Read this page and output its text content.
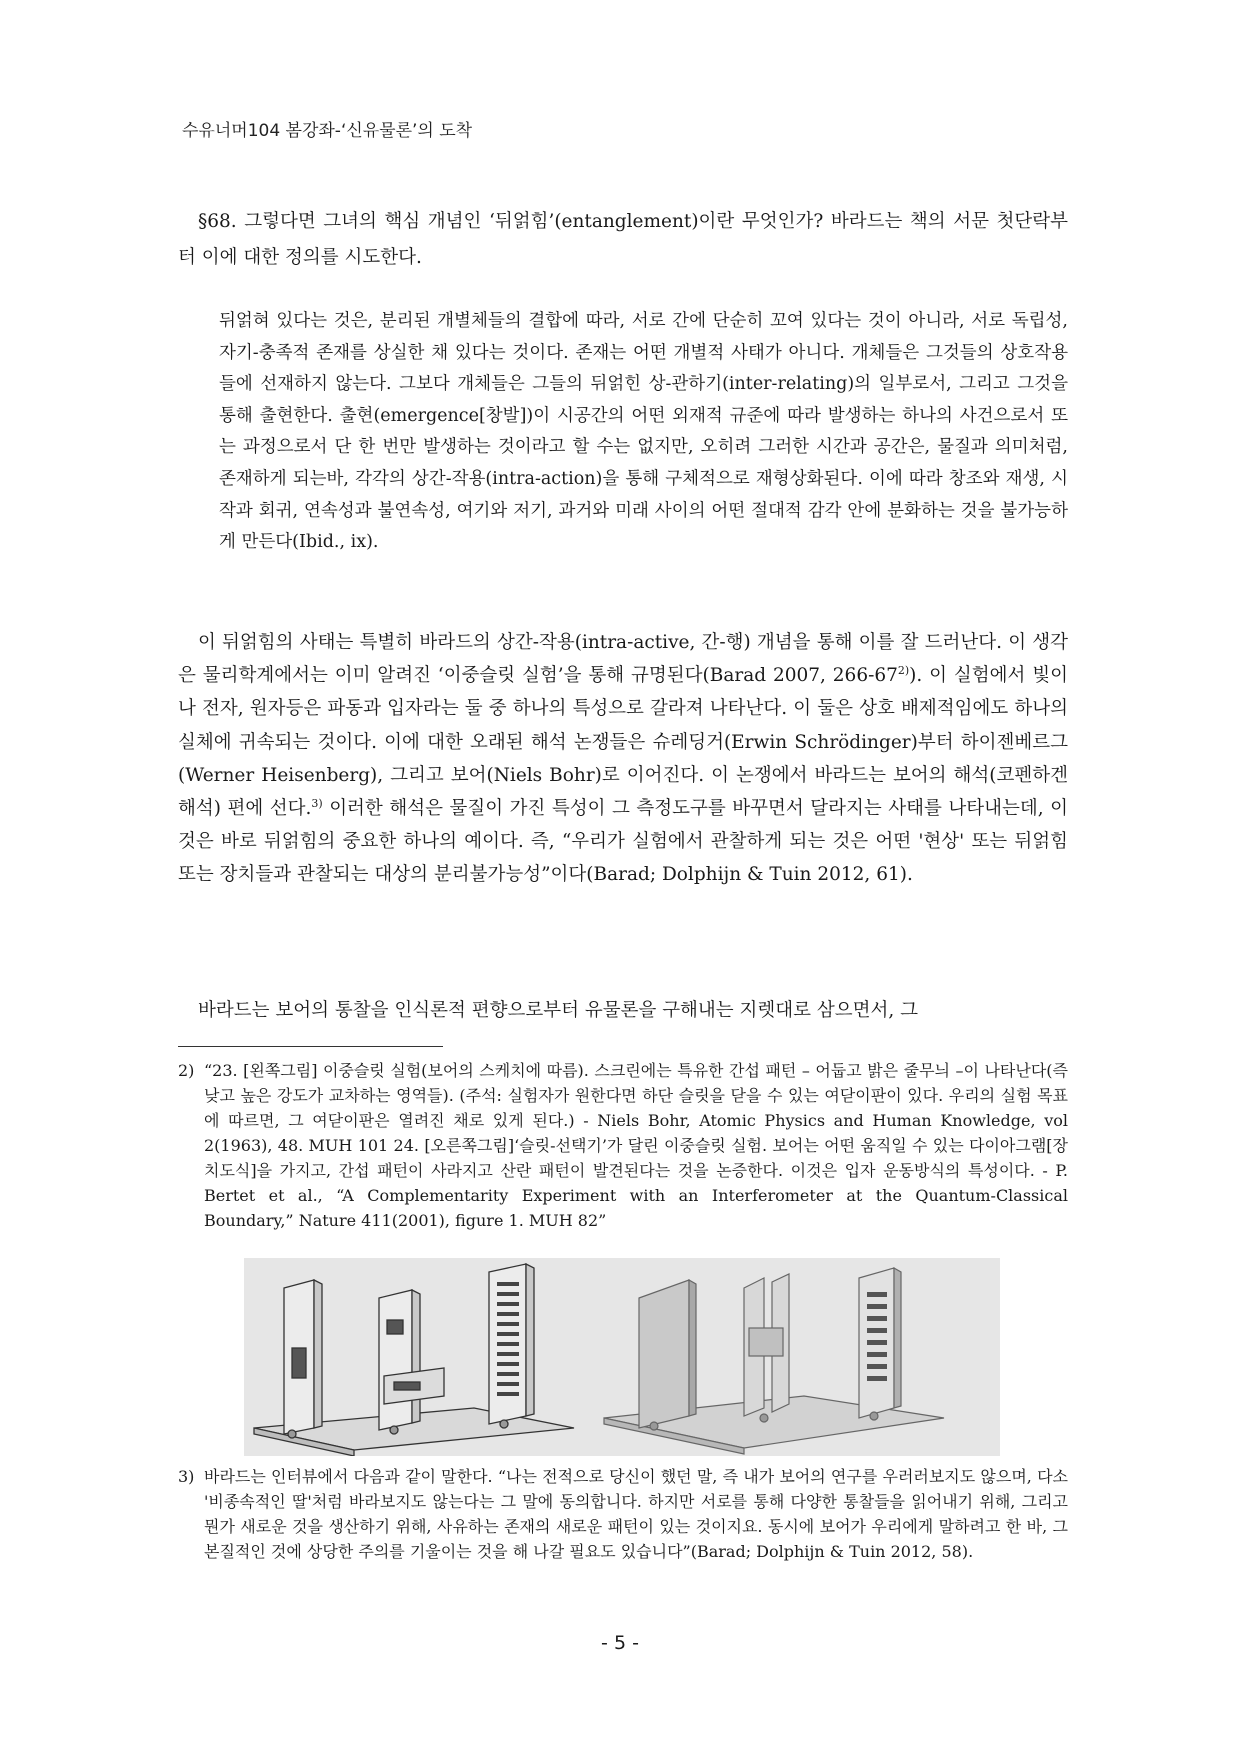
수유너머104 봄강좌-‘신유물론’의 도착

§68. 그렇다면 그녀의 핵심 개념인 ‘뒤얽힘’(entanglement)이란 무엇인가? 바라드는 책의 서문 첫단락부터 이에 대한 정의를 시도한다.

뒤얽혀 있다는 것은, 분리된 개별체들의 결합에 따라, 서로 간에 단순히 꼬여 있다는 것이 아니라, 서로 독립성, 자기-충족적 존재를 상실한 채 있다는 것이다. 존재는 어떤 개별적 사태가 아니다. 개체들은 그것들의 상호작용들에 선재하지 않는다. 그보다 개체들은 그들의 뒤얽힌 상-관하기(inter-relating)의 일부로서, 그리고 그것을 통해 출현한다. 출현(emergence[창발])이 시공간의 어떤 외재적 규준에 따라 발생하는 하나의 사건으로서 또는 과정으로서 단 한 번만 발생하는 것이라고 할 수는 없지만, 오히려 그러한 시간과 공간은, 물질과 의미처럼, 존재하게 되는바, 각각의 상간-작용(intra-action)을 통해 구체적으로 재형상화된다. 이에 따라 창조와 재생, 시작과 회귀, 연속성과 불연속성, 여기와 저기, 과거와 미래 사이의 어떤 절대적 감각 안에 분화하는 것을 불가능하게 만든다(Ibid., ix).

이 뒤얽힘의 사태는 특별히 바라드의 상간-작용(intra-active, 간-행) 개념을 통해 이를 잘 드러난다. 이 생각은 물리학계에서는 이미 알려진 ‘이중슬릿 실험’을 통해 규명된다(Barad 2007, 266-67$^{2)}$). 이 실험에서 빛이나 전자, 원자등은 파동과 입자라는 둘 중 하나의 특성으로 갈라져 나타난다. 이 둘은 상호 배제적임에도 하나의 실체에 귀속되는 것이다. 이에 대한 오래된 해석 논쟁들은 슈레딩거(Erwin Schrödinger)부터 하이젠베르그(Werner Heisenberg), 그리고 보어(Niels Bohr)로 이어진다. 이 논쟁에서 바라드는 보어의 해석(코펜하겐 해석) 편에 선다.$^{3)}$ 이러한 해석은 물질이 가진 특성이 그 측정도구를 바꾸면서 달라지는 사태를 나타내는데, 이것은 바로 뒤얽힘의 중요한 하나의 예이다. 즉, “우리가 실험에서 관찰하게 되는 것은 어떤 '현상' 또는 뒤얽힘 또는 장치들과 관찰되는 대상의 분리불가능성”이다(Barad; Dolphijn & Tuin 2012, 61).

바라드는 보어의 통찰을 인식론적 편향으로부터 유물론을 구해내는 지렛대로 삼으면서, 그

2) “23. [왼쪽그림] 이중슬릿 실험(보어의 스케치에 따름). 스크린에는 특유한 간섭 패턴 – 어둡고 밝은 줄무늬 –이 나타난다(즉 낮고 높은 강도가 교차하는 영역들). (주석: 실험자가 원한다면 하단 슬릿을 닫을 수 있는 여닫이판이 있다. 우리의 실험 목표에 따르면, 그 여닫이판은 열려진 채로 있게 된다.) - Niels Bohr, Atomic Physics and Human Knowledge, vol 2(1963), 48. MUH 101 24. [오른쪽그림]‘슬릿-선택기’가 달린 이중슬릿 실험. 보어는 어떤 움직일 수 있는 다이아그램[장치도식]을 가지고, 간섭 패턴이 사라지고 산란 패턴이 발견된다는 것을 논증한다. 이것은 입자 운동방식의 특성이다. - P. Bertet et al., “A Complementarity Experiment with an Interferometer at the Quantum-Classical Boundary,” Nature 411(2001), figure 1. MUH 82”

3) 바라드는 인터뷰에서 다음과 같이 말한다. “나는 전적으로 당신이 했던 말, 즉 내가 보어의 연구를 우러러보지도 않으며, 다소 '비종속적인 딸'처럼 바라보지도 않는다는 그 말에 동의합니다. 하지만 서로를 통해 다양한 통찰들을 읽어내기 위해, 그리고 뭔가 새로운 것을 생산하기 위해, 사유하는 존재의 새로운 패턴이 있는 것이지요. 동시에 보어가 우리에게 말하려고 한 바, 그 본질적인 것에 상당한 주의를 기울이는 것을 해 나갈 필요도 있습니다”(Barad; Dolphijn & Tuin 2012, 58).

- 5 -
